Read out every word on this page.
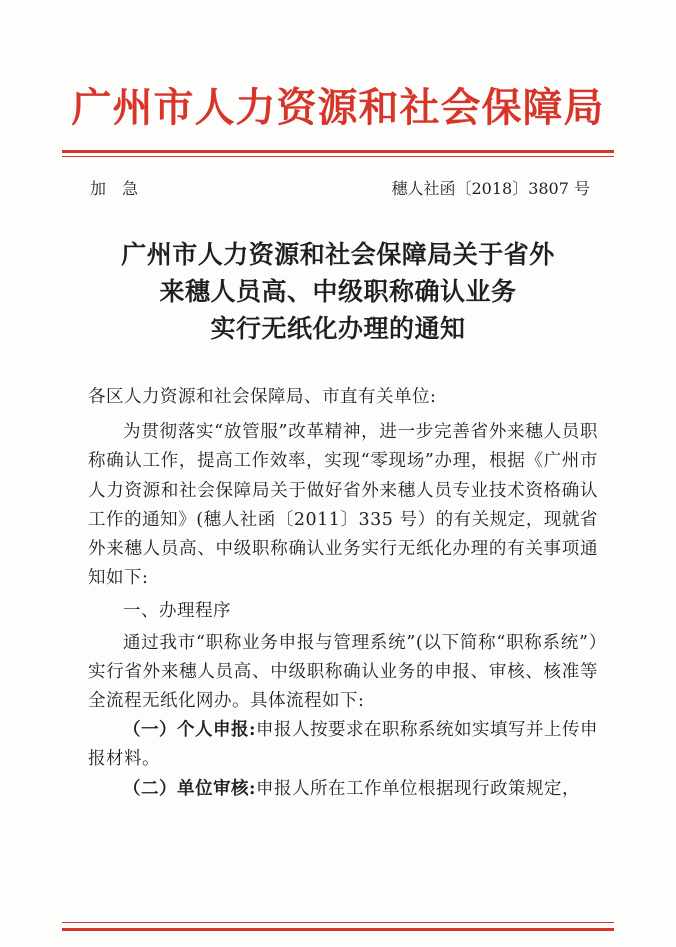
广州市人力资源和社会保障局
加急	穗人社函〔2018〕3807 号
广州市人力资源和社会保障局关于省外
来穗人员高、中级职称确认业务
实行无纸化办理的通知

各区人力资源和社会保障局、市直有关单位:

为贯彻落实“放管服”改革精神，进一步完善省外来穗人员职称确认工作，提高工作效率，实现“零现场”办理，根据《广州市人力资源和社会保障局关于做好省外来穗人员专业技术资格确认工作的通知》(穗人社函〔2011〕335 号）的有关规定，现就省外来穗人员高、中级职称确认业务实行无纸化办理的有关事项通知如下:

一、办理程序

通过我市“职称业务申报与管理系统”(以下简称“职称系统”）实行省外来穗人员高、中级职称确认业务的申报、审核、核准等全流程无纸化网办。具体流程如下:

（一）个人申报:申报人按要求在职称系统如实填写并上传申报材料。

（二）单位审核:申报人所在工作单位根据现行政策规定，
